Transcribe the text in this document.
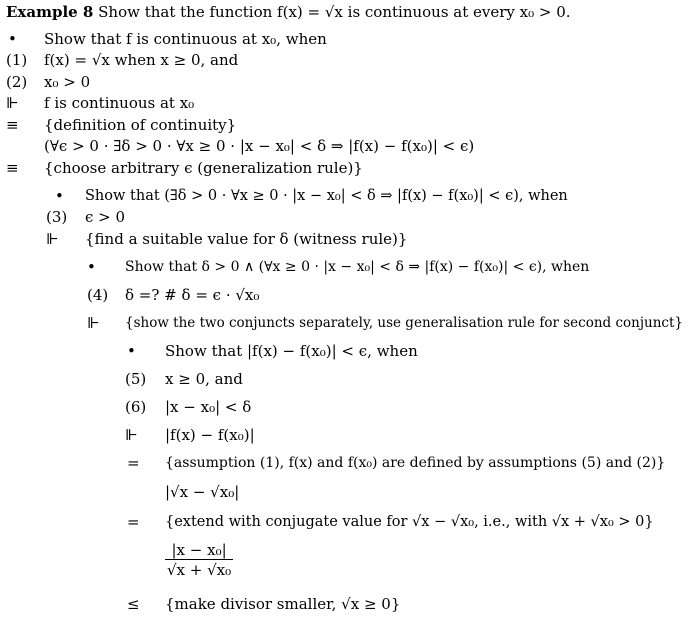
Example 8 Show that the function f(x) = √x is continuous at every x₀ > 0.
• Show that f is continuous at x₀, when
(1) f(x) = √x when x ≥ 0, and
(2) x₀ > 0
⊩ f is continuous at x₀
≡ {definition of continuity}
(∀ϵ > 0 · ∃δ > 0 · ∀x ≥ 0 · |x − x₀| < δ ⇒ |f(x) − f(x₀)| < ϵ)
≡ {choose arbitrary ϵ (generalization rule)}
• Show that (∃δ > 0 · ∀x ≥ 0 · |x − x₀| < δ ⇒ |f(x) − f(x₀)| < ϵ), when
(3) ϵ > 0
⊩ {find a suitable value for δ (witness rule)}
• Show that δ > 0 ∧ (∀x ≥ 0 · |x − x₀| < δ ⇒ |f(x) − f(x₀)| < ϵ), when
(4) δ =? # δ = ϵ · √x₀
⊩ {show the two conjuncts separately, use generalisation rule for second conjunct}
• Show that |f(x) − f(x₀)| < ϵ, when
(5) x ≥ 0, and
(6) |x − x₀| < δ
⊩ |f(x) − f(x₀)|
= {assumption (1), f(x) and f(x₀) are defined by assumptions (5) and (2)}
|√x − √x₀|
= {extend with conjugate value for √x − √x₀, i.e., with √x + √x₀ > 0}
$\frac{\text{|x − x₀|}}{\text{√x + √x₀}}$
≤ {make divisor smaller, √x ≥ 0}
